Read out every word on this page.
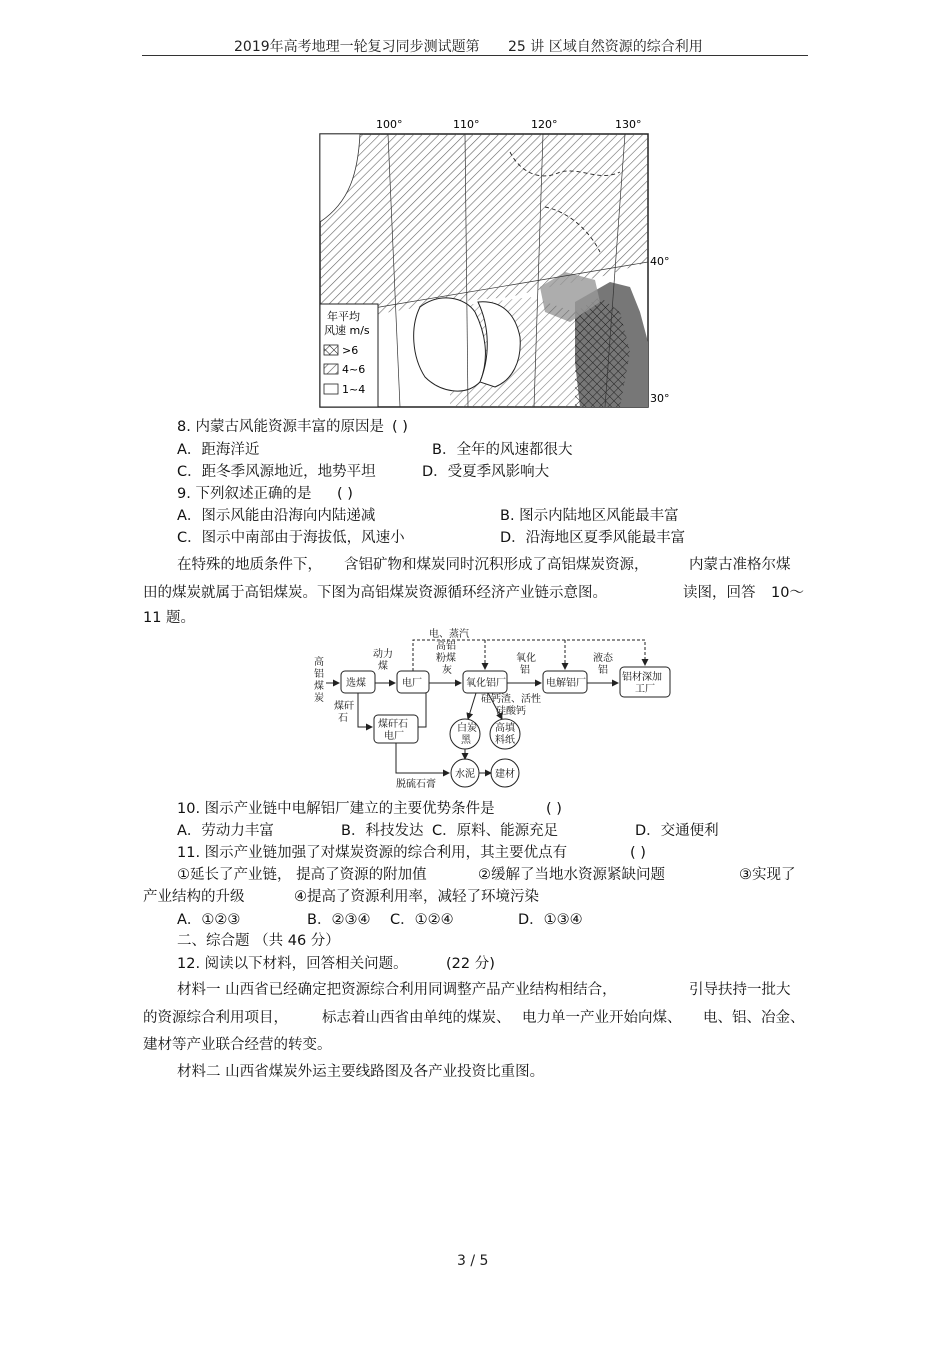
2019年高考地理一轮复习同步测试题第 25 讲 区域自然资源的综合利用
100°	110°	120°	130°
40°
30°
年平均
风速 m/s
>6
4~6
1~4
8. 内蒙古风能资源丰富的原因是 ( )
A．距海洋近	B．全年的风速都很大
C．距冬季风源地近，地势平坦	D．受夏季风影响大
9. 下列叙述正确的是 ( )
A．图示风能由沿海向内陆递减	B. 图示内陆地区风能最丰富
C．图示中南部由于海拔低，风速小	D．沿海地区夏季风能最丰富
在特殊的地质条件下， 含铝矿物和煤炭同时沉积形成了高铝煤炭资源，	内蒙古准格尔煤
田的煤炭就属于高铝煤炭。下图为高铝煤炭资源循环经济产业链示意图。	读图，回答 10～
11 题。
高
铝
煤
炭
选煤
动力
煤
电厂
高铝
粉煤
灰
氧化铝厂
氧化
铝
电解铝厂
液态
铝
铝材深加
工厂
电、蒸汽
煤矸
石
煤矸石
电厂
硅钙渣、活性
硅酸钙
白炭
黑
高填
料纸
水泥 建材
脱硫石膏
10. 图示产业链中电解铝厂建立的主要优势条件是	( )
A．劳动力丰富	B．科技发达 C．原料、能源充足	D．交通便利
11. 图示产业链加强了对煤炭资源的综合利用，其主要优点有	( )
①延长了产业链， 提高了资源的附加值	②缓解了当地水资源紧缺问题	③实现了
产业结构的升级	④提高了资源利用率，减轻了环境污染
A．①②③	B．②③④ C．①②④	D．①③④
二、综合题 （共 46 分）
12. 阅读以下材料，回答相关问题。	(22 分)
材料一 山西省已经确定把资源综合利用同调整产品产业结构相结合，	引导扶持一批大
的资源综合利用项目， 标志着山西省由单纯的煤炭、 电力单一产业开始向煤、 电、铝、冶金、
建材等产业联合经营的转变。
材料二 山西省煤炭外运主要线路图及各产业投资比重图。
3 / 5
